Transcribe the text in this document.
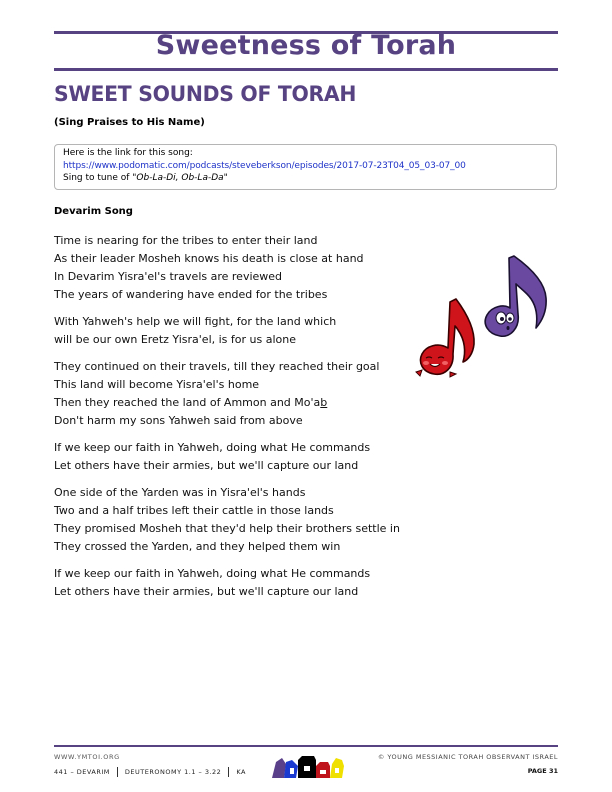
Sweetness of Torah
SWEET SOUNDS OF TORAH
(Sing Praises to His Name)
Here is the link for this song:
https://www.podomatic.com/podcasts/steveberkson/episodes/2017-07-23T04_05_03-07_00
Sing to tune of "Ob-La-Di, Ob-La-Da"
Devarim Song
Time is nearing for the tribes to enter their land
As their leader Mosheh knows his death is close at hand
In Devarim Yisra'el's travels are reviewed
The years of wandering have ended for the tribes
With Yahweh's help we will fight, for the land which
will be our own Eretz Yisra'el, is for us alone
They continued on their travels, till they reached their goal
This land will become Yisra'el's home
Then they reached the land of Ammon and Mo'ab
Don't harm my sons Yahweh said from above
If we keep our faith in Yahweh, doing what He commands
Let others have their armies, but we'll capture our land
One side of the Yarden was in Yisra'el's hands
Two and a half tribes left their cattle in those lands
They promised Mosheh that they'd help their brothers settle in
They crossed the Yarden, and they helped them win
If we keep our faith in Yahweh, doing what He commands
Let others have their armies, but we'll capture our land
WWW.YMTOI.ORG
441 – DEVARIM DEUTERONOMY 1.1 – 3.22 KA
© YOUNG MESSIANIC TORAH OBSERVANT ISRAEL
PAGE 31
